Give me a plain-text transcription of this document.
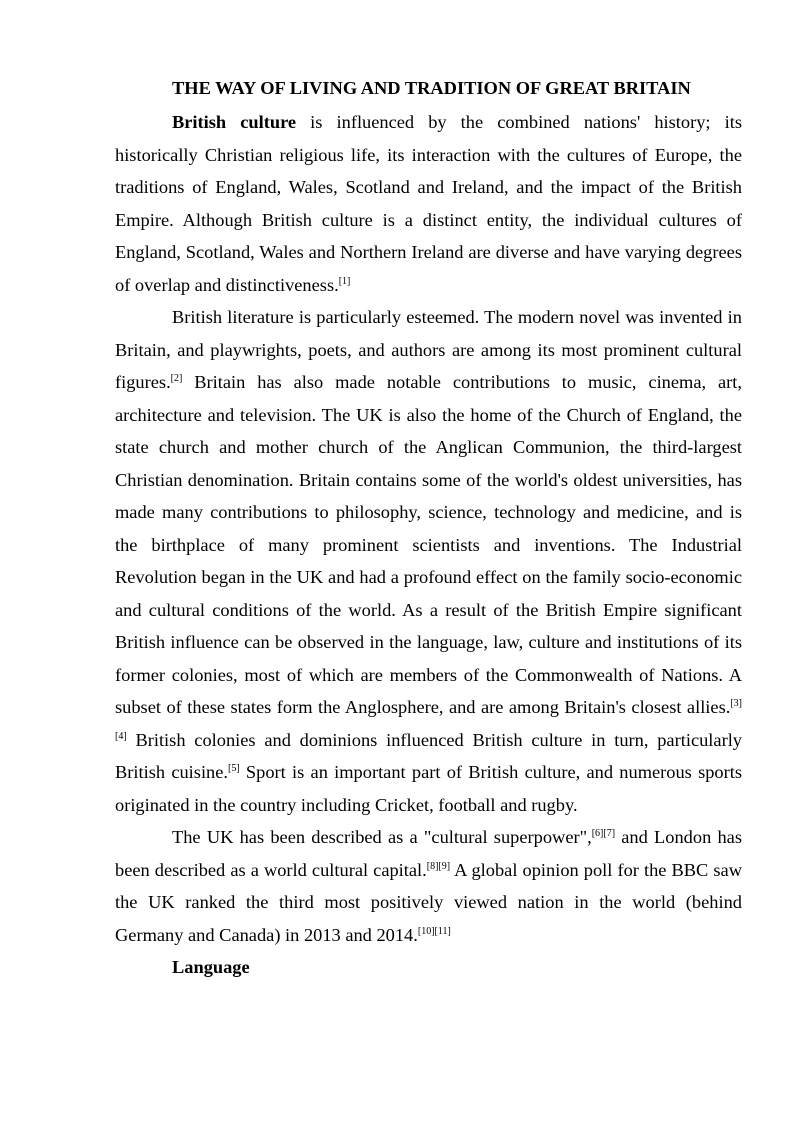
THE WAY OF LIVING AND TRADITION OF GREAT BRITAIN

British culture is influenced by the combined nations' history; its historically Christian religious life, its interaction with the cultures of Europe, the traditions of England, Wales, Scotland and Ireland, and the impact of the British Empire. Although British culture is a distinct entity, the individual cultures of England, Scotland, Wales and Northern Ireland are diverse and have varying degrees of overlap and distinctiveness.[1]

British literature is particularly esteemed. The modern novel was invented in Britain, and playwrights, poets, and authors are among its most prominent cultural figures.[2] Britain has also made notable contributions to music, cinema, art, architecture and television. The UK is also the home of the Church of England, the state church and mother church of the Anglican Communion, the third-largest Christian denomination. Britain contains some of the world's oldest universities, has made many contributions to philosophy, science, technology and medicine, and is the birthplace of many prominent scientists and inventions. The Industrial Revolution began in the UK and had a profound effect on the family socio-economic and cultural conditions of the world. As a result of the British Empire significant British influence can be observed in the language, law, culture and institutions of its former colonies, most of which are members of the Commonwealth of Nations. A subset of these states form the Anglosphere, and are among Britain's closest allies.[3][4] British colonies and dominions influenced British culture in turn, particularly British cuisine.[5] Sport is an important part of British culture, and numerous sports originated in the country including Cricket, football and rugby.

The UK has been described as a "cultural superpower",[6][7] and London has been described as a world cultural capital.[8][9] A global opinion poll for the BBC saw the UK ranked the third most positively viewed nation in the world (behind Germany and Canada) in 2013 and 2014.[10][11]

Language
